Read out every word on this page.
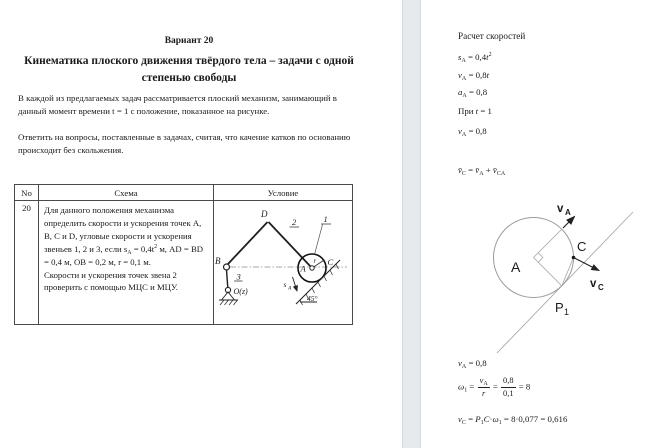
Вариант 20
Кинематика плоского движения твёрдого тела – задачи с одной степенью свободы
В каждой из предлагаемых задач рассматривается плоский механизм, занимающий в данный момент времени t = 1 с положение, показанное на рисунке.
Ответить на вопросы, поставленные в задачах, считая, что качение катков по основанию происходит без скольжения.
No	Схема	Условие
20	Для данного положения механизма определить скорости и ускорения точек A, B, C и D, угловые скорости и ускорения звеньев 1, 2 и 3, если $s_A = 0,4t^2$ м, AD = BD = 0,4 м, OB = 0,2 м, r = 0,1 м.
Скорости и ускорения точек звена 2 проверить с помощью МЦС и МЦУ.
D
B
A
C
r
O(z)
1
2
3
s A
45°
Расчет скоростей
$s_A = 0,4t^2$
$v_A = 0,8t$
$a_A = 0,8$
При t = 1
$v_A = 0,8$
$v̄_C$ = $v̄_A$ + $v̄_{CA}$
A
C
v A
v C
P 1
$v_A = 0,8$
$\omega_1 = \frac{v_A}{r} = \frac{0,8}{0,1} = 8$
$v_C = P_1C\cdot\omega_1 = 8\cdot 0,077 = 0,616$
